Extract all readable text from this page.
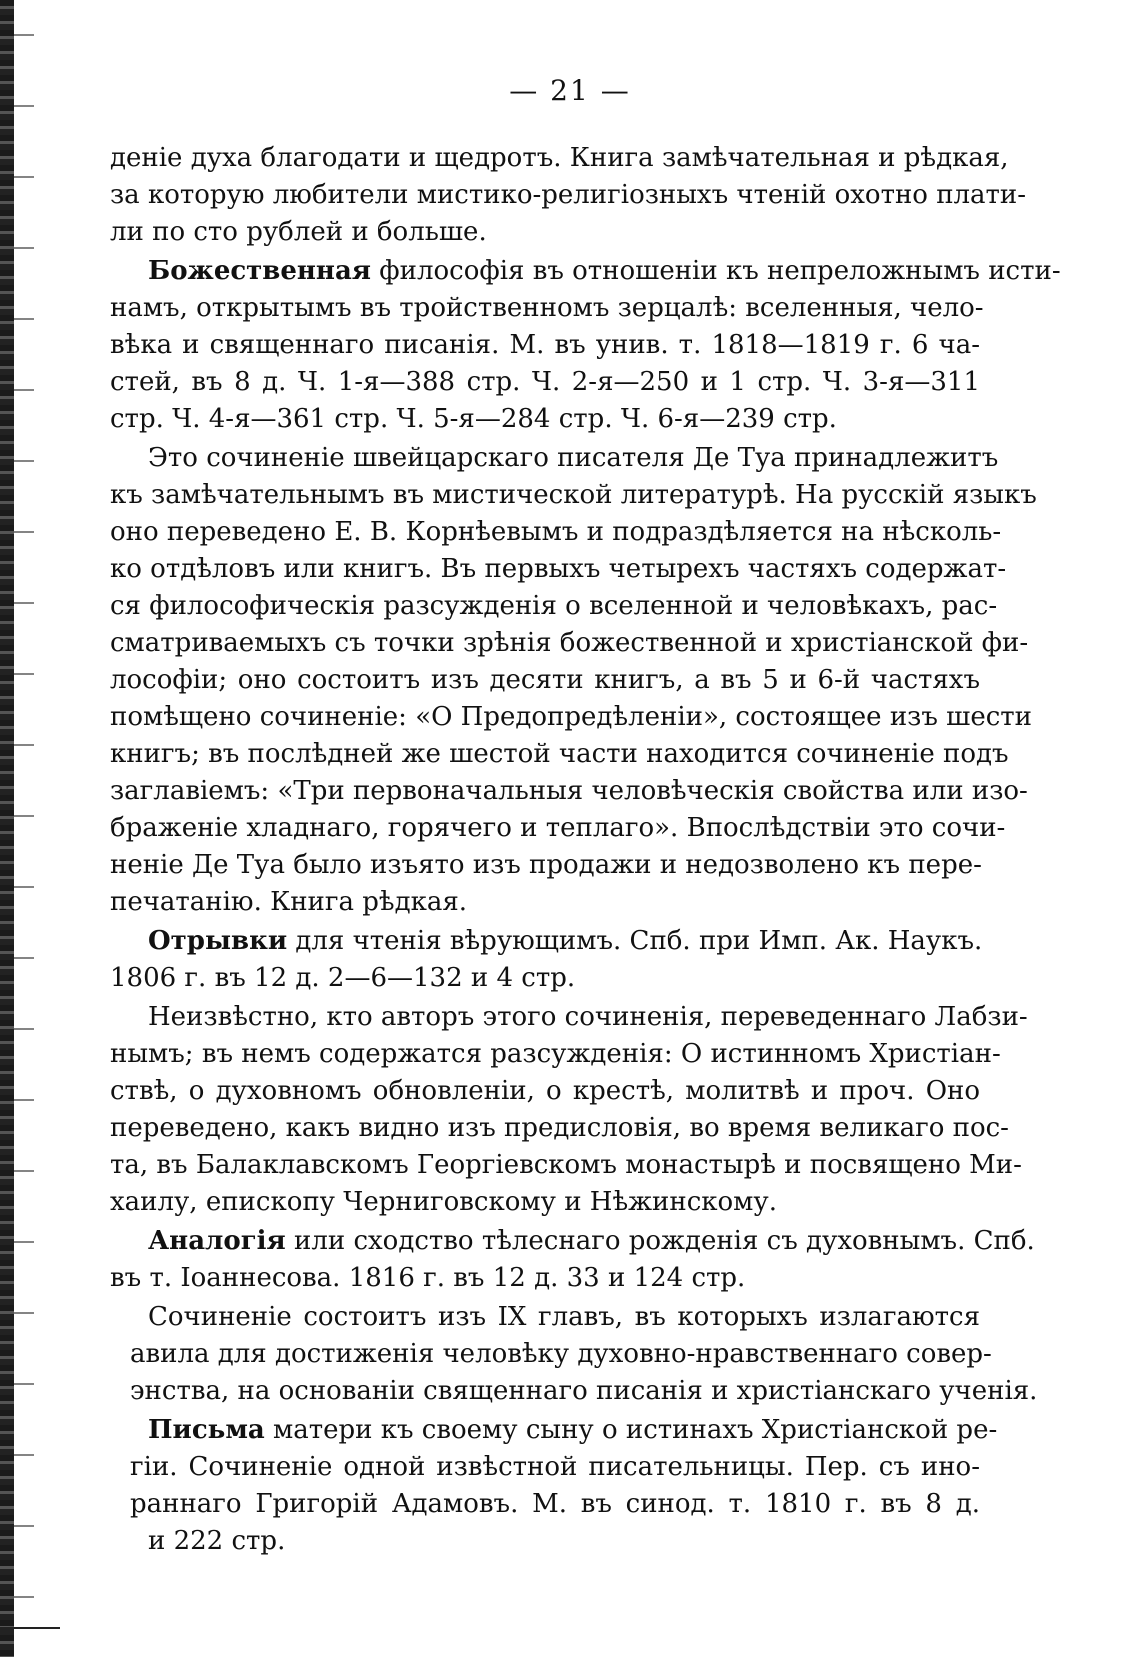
— 21 —
деніе духа благодати и щедротъ. Книга замѣчательная и рѣдкая,
за которую любители мистико-религіозныхъ чтеній охотно плати-
ли по сто рублей и больше.
Божественная философія въ отношеніи къ непреложнымъ исти-
намъ, открытымъ въ тройственномъ зерцалѣ: вселенныя, чело-
вѣка и священнаго писанія. М. въ унив. т. 1818—1819 г. 6 ча-
стей, въ 8 д. Ч. 1-я—388 стр. Ч. 2-я—250 и 1 стр. Ч. 3-я—311
стр. Ч. 4-я—361 стр. Ч. 5-я—284 стр. Ч. 6-я—239 стр.
Это сочиненіе швейцарскаго писателя Де Туа принадлежитъ
къ замѣчательнымъ въ мистической литературѣ. На русскій языкъ
оно переведено Е. В. Корнѣевымъ и подраздѣляется на нѣсколь-
ко отдѣловъ или книгъ. Въ первыхъ четырехъ частяхъ содержат-
ся философическія разсужденія о вселенной и человѣкахъ, рас-
сматриваемыхъ съ точки зрѣнія божественной и христіанской фи-
лософіи; оно состоитъ изъ десяти книгъ, а въ 5 и 6-й частяхъ
помѣщено сочиненіе: «О Предопредѣленіи», состоящее изъ шести
книгъ; въ послѣдней же шестой части находится сочиненіе подъ
заглавіемъ: «Три первоначальныя человѣческія свойства или изо-
браженіе хладнаго, горячего и теплаго». Впослѣдствіи это сочи-
неніе Де Туа было изъято изъ продажи и недозволено къ пере-
печатанію. Книга рѣдкая.
Отрывки для чтенія вѣрующимъ. Спб. при Имп. Ак. Наукъ.
1806 г. въ 12 д. 2—6—132 и 4 стр.
Неизвѣстно, кто авторъ этого сочиненія, переведеннаго Лабзи-
нымъ; въ немъ содержатся разсужденія: О истинномъ Христіан-
ствѣ, о духовномъ обновленіи, о крестѣ, молитвѣ и проч. Оно
переведено, какъ видно изъ предисловія, во время великаго пос-
та, въ Балаклавскомъ Георгіевскомъ монастырѣ и посвящено Ми-
хаилу, епископу Черниговскому и Нѣжинскому.
Аналогія или сходство тѣлеснаго рожденія съ духовнымъ. Спб.
въ т. Іоаннесова. 1816 г. въ 12 д. 33 и 124 стр.
Сочиненіе состоитъ изъ IX главъ, въ которыхъ излагаются
авила для достиженія человѣку духовно-нравственнаго совер-
энства, на основаніи священнаго писанія и христіанскаго ученія.
Письма матери къ своему сыну о истинахъ Христіанской ре-
гіи. Сочиненіе одной извѣстной писательницы. Пер. съ ино-
раннаго Григорій Адамовъ. М. въ синод. т. 1810 г. въ 8 д.
и 222 стр.
